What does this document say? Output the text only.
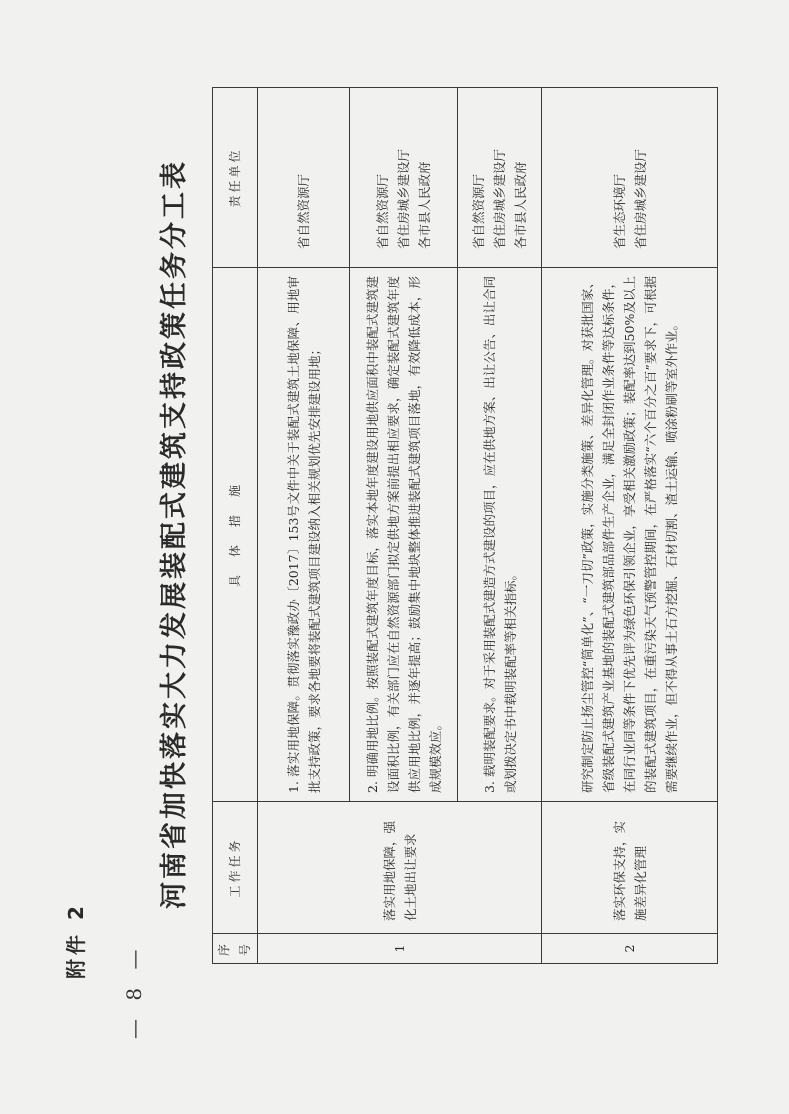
— 8 —
附件 2
河南省加快落实大力发展装配式建筑支持政策任务分工表
序号	工作任务	具　体　措　施	责任单位
1	落实用地保障，强化土地出让要求	1. 落实用地保障。贯彻落实豫政办〔2017〕153号文件中关于装配式建筑土地保障、用地审批支持政策，要求各地要将装配式建筑项目建设纳入相关规划优先安排建设用地；	省自然资源厅

		2. 明确用地比例。按照装配式建筑年度目标，落实本地年度建设用地供应面积中装配式建筑建设面积比例，有关部门应在自然资源部门拟定供地方案前提出相应要求，确定装配式建筑年度供应用地比例，并逐年提高；鼓励集中地块整体推进装配式建筑项目落地，有效降低成本，形成规模效应。	省自然资源厅 省住房城乡建设厅 各市县人民政府

		3. 载明装配要求。对于采用装配式建造方式建设的项目，应在供地方案、出让公告、出让合同或划拨决定书中载明装配率等相关指标。	省自然资源厅 省住房城乡建设厅 各市县人民政府

2	落实环保支持，实施差异化管理	研究制定防止扬尘管控“简单化”、“一刀切”政策，实施分类施策、差异化管理。对获批国家、省级装配式建筑产业基地的装配式建筑部品部件生产企业，满足全封闭作业条件等达标条件，在同行业同等条件下优先评为绿色环保引领企业，享受相关激励政策；装配率达到50%及以上的装配式建筑项目，在重污染天气预警管控期间，在严格落实“六个百分之百”要求下，可根据需要继续作业，但不得从事土石方挖掘、石材切割、渣土运输、喷涂粉刷等室外作业。	省生态环境厅 省住房城乡建设厅
